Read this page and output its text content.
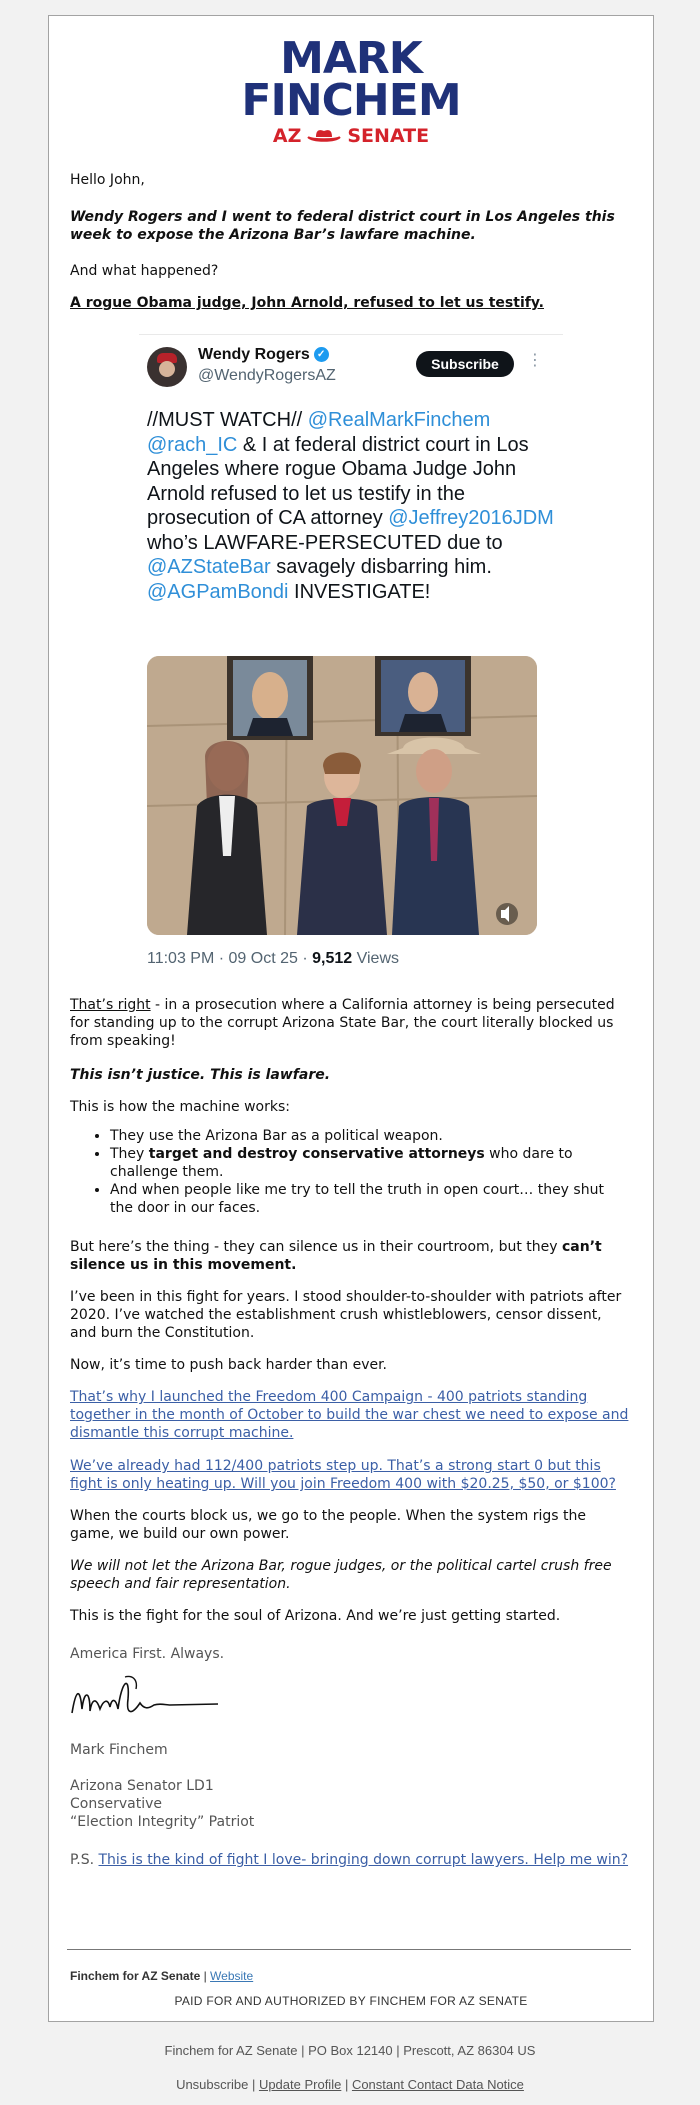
MARK
FINCHEM
AZ SENATE
Hello John,
Wendy Rogers and I went to federal district court in Los Angeles this week to expose the Arizona Bar’s lawfare machine.
And what happened?
A rogue Obama judge, John Arnold, refused to let us testify.
Wendy Rogers ✓
@WendyRogersAZ
Subscribe	⋮
//MUST WATCH// @RealMarkFinchem @rach_IC & I at federal district court in Los Angeles where rogue Obama Judge John Arnold refused to let us testify in the prosecution of CA attorney @Jeffrey2016JDM who’s LAWFARE-PERSECUTED due to @AZStateBar savagely disbarring him. @AGPamBondi INVESTIGATE!
11:03 PM · 09 Oct 25 · 9,512 Views
That’s right - in a prosecution where a California attorney is being persecuted for standing up to the corrupt Arizona State Bar, the court literally blocked us from speaking!
This isn’t justice. This is lawfare.
This is how the machine works:
• They use the Arizona Bar as a political weapon.
• They target and destroy conservative attorneys who dare to challenge them.
• And when people like me try to tell the truth in open court… they shut the door in our faces.
But here’s the thing - they can silence us in their courtroom, but they can’t silence us in this movement.
I’ve been in this fight for years. I stood shoulder-to-shoulder with patriots after 2020. I’ve watched the establishment crush whistleblowers, censor dissent, and burn the Constitution.
Now, it’s time to push back harder than ever.
That’s why I launched the Freedom 400 Campaign - 400 patriots standing together in the month of October to build the war chest we need to expose and dismantle this corrupt machine.
We’ve already had 112/400 patriots step up. That’s a strong start 0 but this fight is only heating up. Will you join Freedom 400 with $20.25, $50, or $100?
When the courts block us, we go to the people. When the system rigs the game, we build our own power.
We will not let the Arizona Bar, rogue judges, or the political cartel crush free speech and fair representation.
This is the fight for the soul of Arizona. And we’re just getting started.
America First. Always.
Mark Finchem
Arizona Senator LD1
Conservative
“Election Integrity” Patriot
P.S. This is the kind of fight I love- bringing down corrupt lawyers. Help me win?
Finchem for AZ Senate | Website
PAID FOR AND AUTHORIZED BY FINCHEM FOR AZ SENATE
Finchem for AZ Senate | PO Box 12140 | Prescott, AZ 86304 US
Unsubscribe | Update Profile | Constant Contact Data Notice
